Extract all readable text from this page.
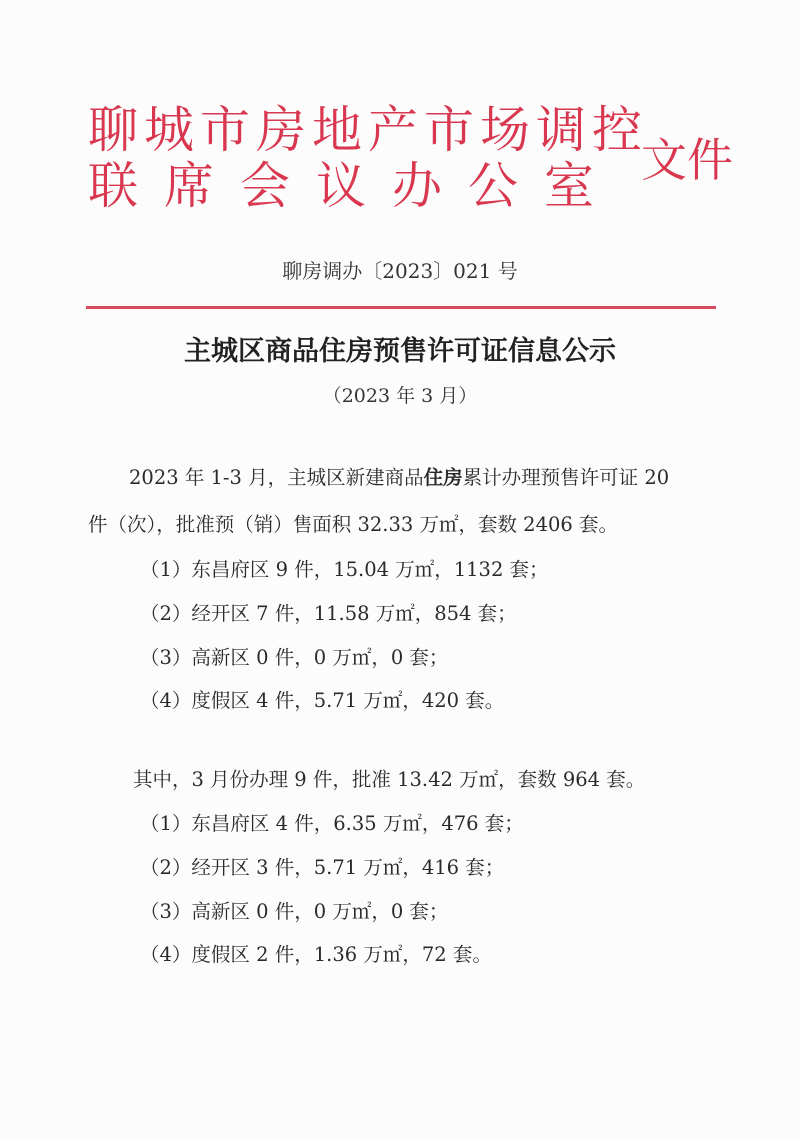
聊城市房地产市场调控
联席会议办公室 文件
聊房调办〔2023〕021 号
主城区商品住房预售许可证信息公示
（2023 年 3 月）
2023 年 1-3 月，主城区新建商品住房累计办理预售许可证 20
件（次），批准预（销）售面积 32.33 万㎡，套数 2406 套。
（1）东昌府区 9 件，15.04 万㎡，1132 套；
（2）经开区 7 件，11.58 万㎡，854 套；
（3）高新区 0 件，0 万㎡，0 套；
（4）度假区 4 件，5.71 万㎡，420 套。
其中，3 月份办理 9 件，批准 13.42 万㎡，套数 964 套。
（1）东昌府区 4 件，6.35 万㎡，476 套；
（2）经开区 3 件，5.71 万㎡，416 套；
（3）高新区 0 件，0 万㎡，0 套；
（4）度假区 2 件，1.36 万㎡，72 套。
